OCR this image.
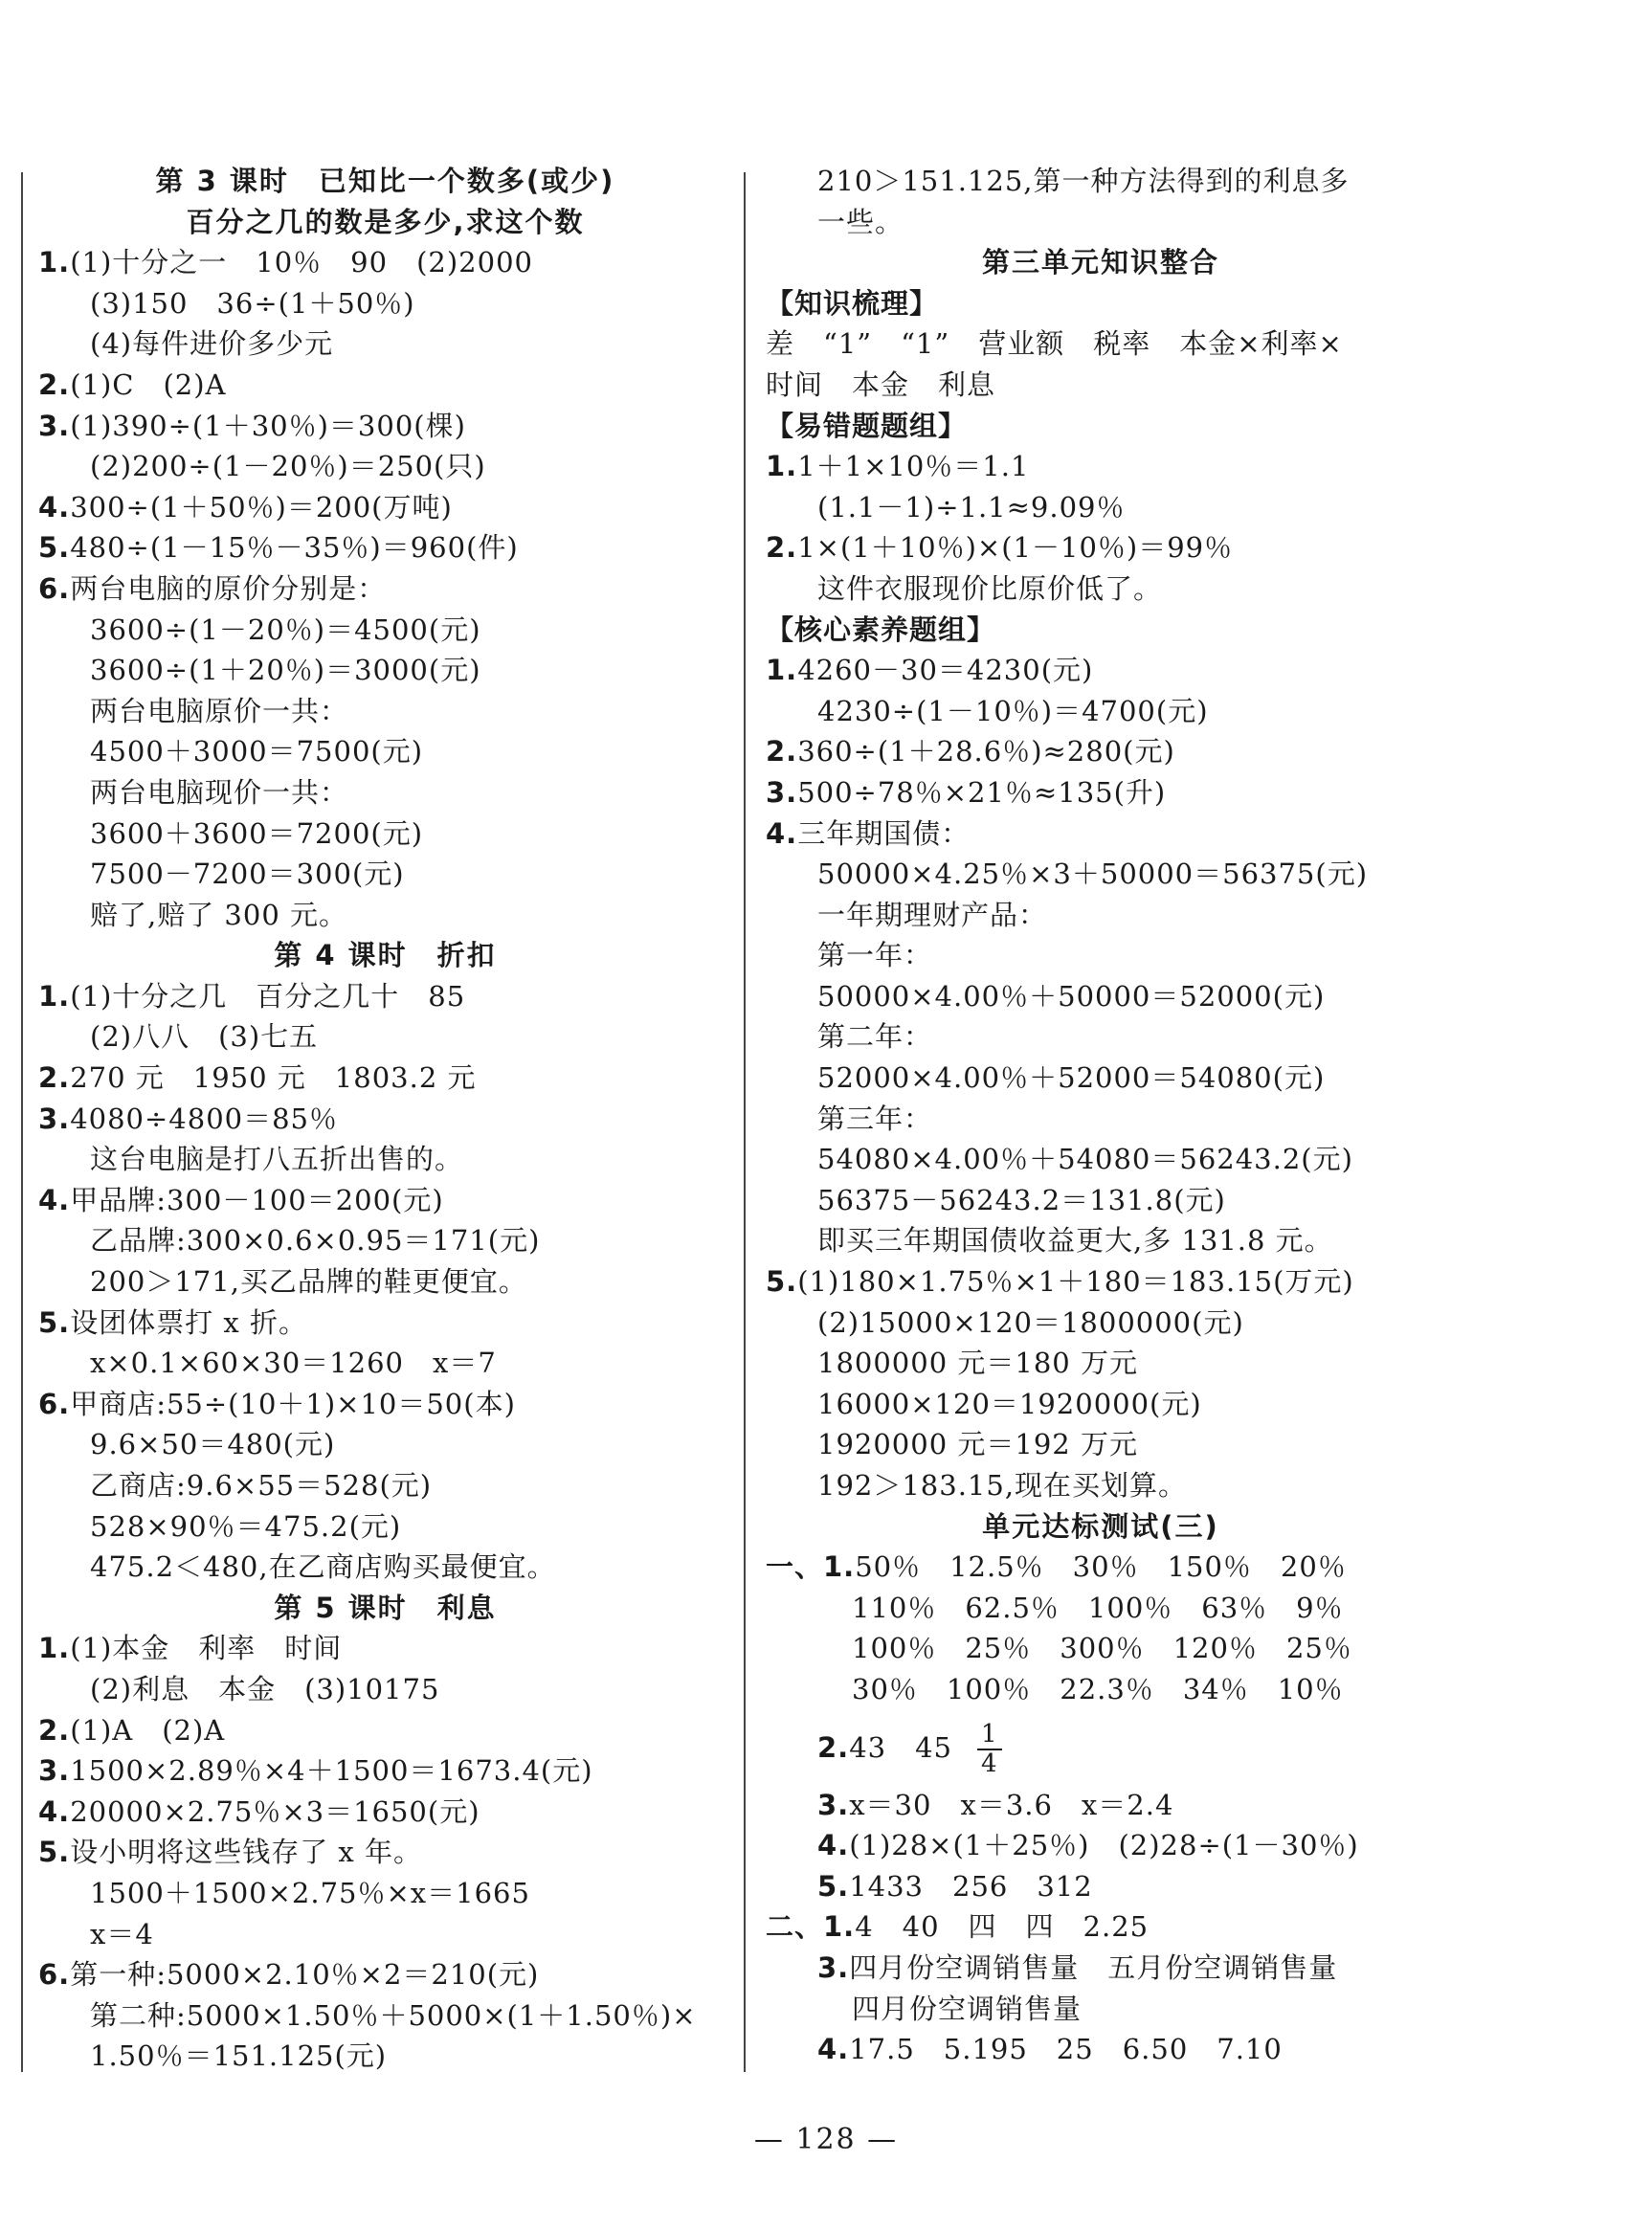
第 3 课时　已知比一个数多(或少)
百分之几的数是多少,求这个数
1.(1)十分之一　10％　90　(2)2000
(3)150　36÷(1＋50％)
(4)每件进价多少元
2.(1)C　(2)A
3.(1)390÷(1＋30％)＝300(棵)
(2)200÷(1－20％)＝250(只)
4.300÷(1＋50％)＝200(万吨)
5.480÷(1－15％－35％)＝960(件)
6.两台电脑的原价分别是：
3600÷(1－20％)＝4500(元)
3600÷(1＋20％)＝3000(元)
两台电脑原价一共：
4500＋3000＝7500(元)
两台电脑现价一共：
3600＋3600＝7200(元)
7500－7200＝300(元)
赔了,赔了 300 元。
第 4 课时　折扣
1.(1)十分之几　百分之几十　85
(2)八八　(3)七五
2.270 元　1950 元　1803.2 元
3.4080÷4800＝85％
这台电脑是打八五折出售的。
4.甲品牌:300－100＝200(元)
乙品牌:300×0.6×0.95＝171(元)
200＞171,买乙品牌的鞋更便宜。
5.设团体票打 x 折。
x×0.1×60×30＝1260　x＝7
6.甲商店:55÷(10＋1)×10＝50(本)
9.6×50＝480(元)
乙商店:9.6×55＝528(元)
528×90％＝475.2(元)
475.2＜480,在乙商店购买最便宜。
第 5 课时　利息
1.(1)本金　利率　时间
(2)利息　本金　(3)10175
2.(1)A　(2)A
3.1500×2.89％×4＋1500＝1673.4(元)
4.20000×2.75％×3＝1650(元)
5.设小明将这些钱存了 x 年。
1500＋1500×2.75％×x＝1665
x＝4
6.第一种:5000×2.10％×2＝210(元)
第二种:5000×1.50％＋5000×(1＋1.50％)×
1.50％＝151.125(元)
210＞151.125,第一种方法得到的利息多
一些。
第三单元知识整合
【知识梳理】
差　“1”　“1”　营业额　税率　本金×利率×
时间　本金　利息
【易错题题组】
1.1＋1×10％＝1.1
(1.1－1)÷1.1≈9.09％
2.1×(1＋10％)×(1－10％)＝99％
这件衣服现价比原价低了。
【核心素养题组】
1.4260－30＝4230(元)
4230÷(1－10％)＝4700(元)
2.360÷(1＋28.6％)≈280(元)
3.500÷78％×21％≈135(升)
4.三年期国债：
50000×4.25％×3＋50000＝56375(元)
一年期理财产品：
第一年：
50000×4.00％＋50000＝52000(元)
第二年：
52000×4.00％＋52000＝54080(元)
第三年：
54080×4.00％＋54080＝56243.2(元)
56375－56243.2＝131.8(元)
即买三年期国债收益更大,多 131.8 元。
5.(1)180×1.75％×1＋180＝183.15(万元)
(2)15000×120＝1800000(元)
1800000 元＝180 万元
16000×120＝1920000(元)
1920000 元＝192 万元
192＞183.15,现在买划算。
单元达标测试(三)
一、1.50％　12.5％　30％　150％　20％
110％　62.5％　100％　63％　9％
100％　25％　300％　120％　25％
30％　100％　22.3％　34％　10％
2.43　$45 \frac{1}{4}$
3.x＝30　x＝3.6　x＝2.4
4.(1)28×(1＋25％)　(2)28÷(1－30％)
5.1433　256　312
二、1.4　40　四　四　2.25
3.四月份空调销售量　五月份空调销售量
四月份空调销售量
4.17.5　5.195　25　6.50　7.10
— 128 —
